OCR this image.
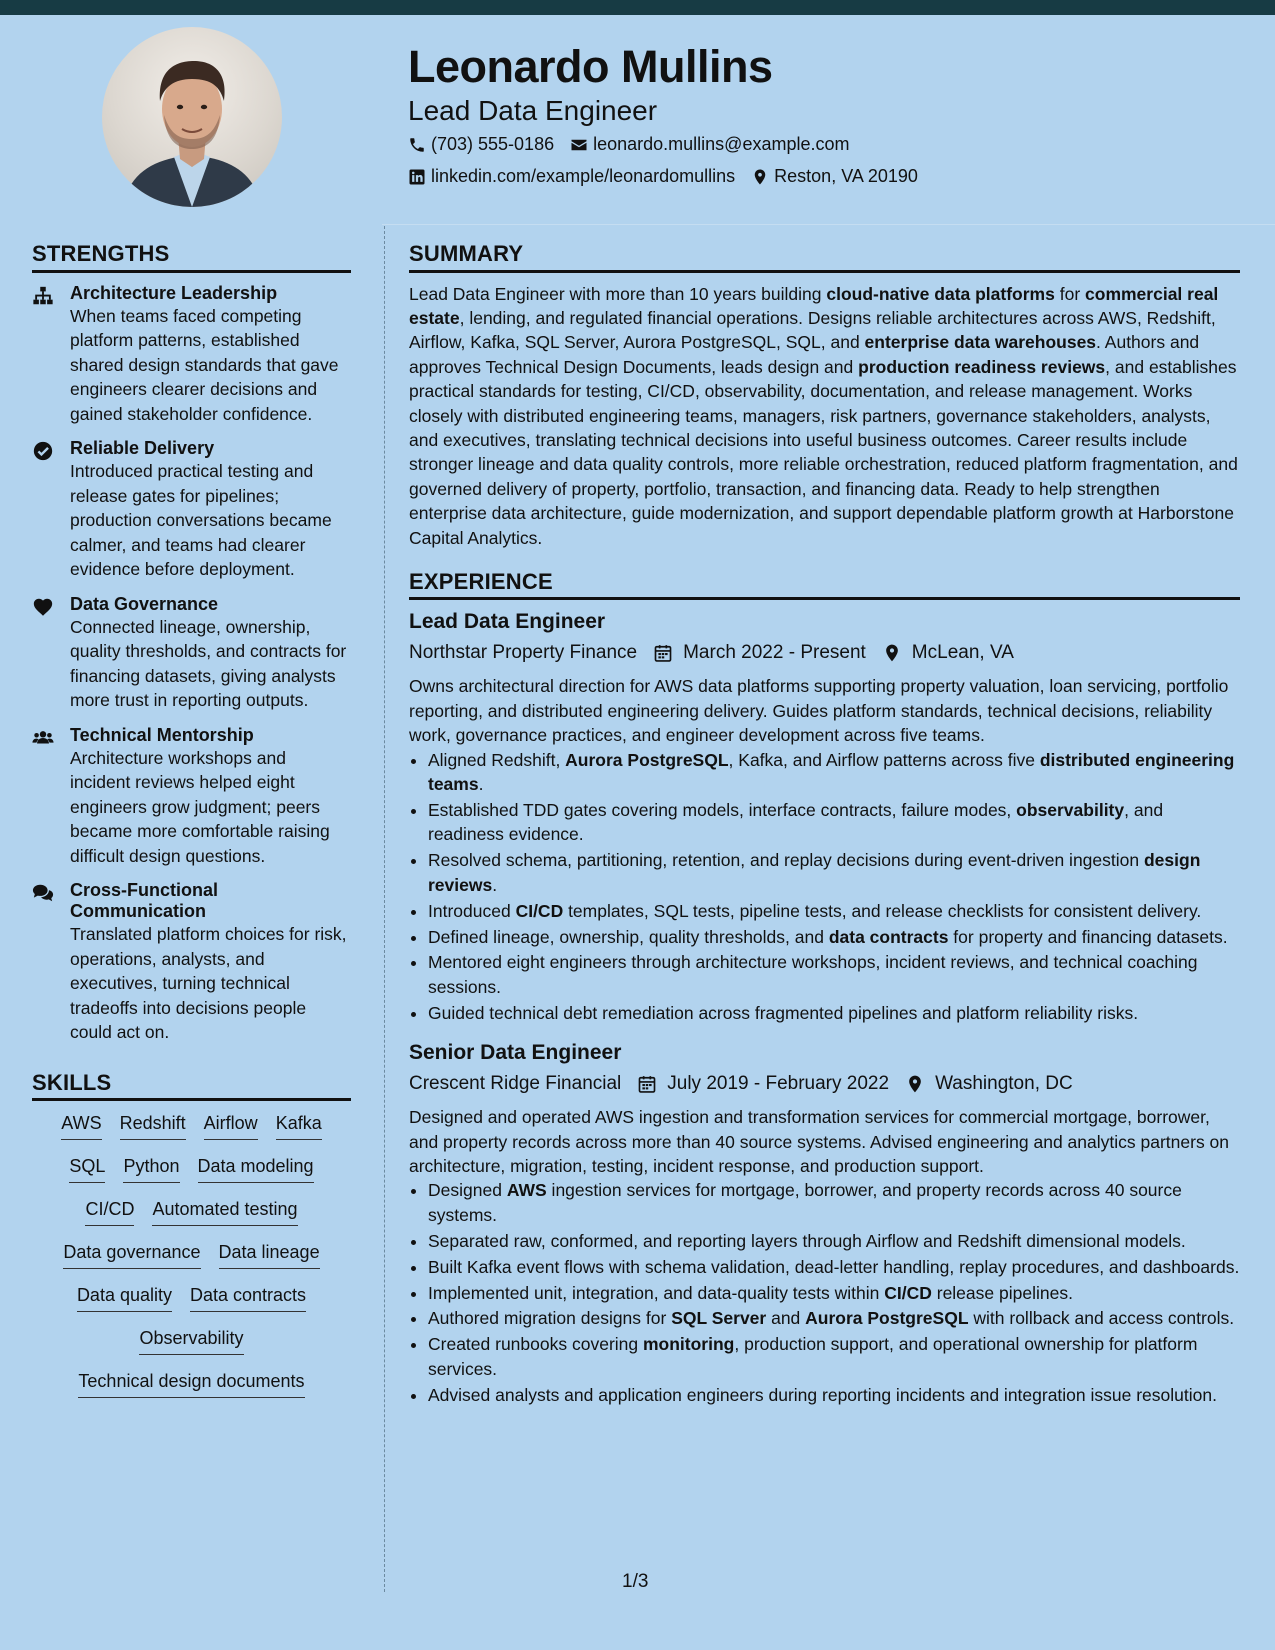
Leonardo Mullins
Lead Data Engineer
(703) 555-0186 leonardo.mullins@example.com
linkedin.com/example/leonardomullins Reston, VA 20190
STRENGTHS
Architecture Leadership
When teams faced competing platform patterns, established shared design standards that gave engineers clearer decisions and gained stakeholder confidence.
Reliable Delivery
Introduced practical testing and release gates for pipelines; production conversations became calmer, and teams had clearer evidence before deployment.
Data Governance
Connected lineage, ownership, quality thresholds, and contracts for financing datasets, giving analysts more trust in reporting outputs.
Technical Mentorship
Architecture workshops and incident reviews helped eight engineers grow judgment; peers became more comfortable raising difficult design questions.
Cross-Functional Communication
Translated platform choices for risk, operations, analysts, and executives, turning technical tradeoffs into decisions people could act on.
SKILLS
AWS Redshift Airflow Kafka
SQL Python Data modeling
CI/CD Automated testing
Data governance Data lineage
Data quality Data contracts
Observability
Technical design documents
SUMMARY

Lead Data Engineer with more than 10 years building cloud-native data platforms for commercial real estate, lending, and regulated financial operations. Designs reliable architectures across AWS, Redshift, Airflow, Kafka, SQL Server, Aurora PostgreSQL, SQL, and enterprise data warehouses. Authors and approves Technical Design Documents, leads design and production readiness reviews, and establishes practical standards for testing, CI/CD, observability, documentation, and release management. Works closely with distributed engineering teams, managers, risk partners, governance stakeholders, analysts, and executives, translating technical decisions into useful business outcomes. Career results include stronger lineage and data quality controls, more reliable orchestration, reduced platform fragmentation, and governed delivery of property, portfolio, transaction, and financing data. Ready to help strengthen enterprise data architecture, guide modernization, and support dependable platform growth at Harborstone Capital Analytics.

EXPERIENCE
Lead Data Engineer
Northstar Property Finance March 2022 - Present McLean, VA
Owns architectural direction for AWS data platforms supporting property valuation, loan servicing, portfolio reporting, and distributed engineering delivery. Guides platform standards, technical decisions, reliability work, governance practices, and engineer development across five teams.
• Aligned Redshift, Aurora PostgreSQL, Kafka, and Airflow patterns across five distributed engineering teams.
• Established TDD gates covering models, interface contracts, failure modes, observability, and readiness evidence.
• Resolved schema, partitioning, retention, and replay decisions during event-driven ingestion design reviews.
• Introduced CI/CD templates, SQL tests, pipeline tests, and release checklists for consistent delivery.
• Defined lineage, ownership, quality thresholds, and data contracts for property and financing datasets.
• Mentored eight engineers through architecture workshops, incident reviews, and technical coaching sessions.
• Guided technical debt remediation across fragmented pipelines and platform reliability risks.
Senior Data Engineer
Crescent Ridge Financial July 2019 - February 2022 Washington, DC
Designed and operated AWS ingestion and transformation services for commercial mortgage, borrower, and property records across more than 40 source systems. Advised engineering and analytics partners on architecture, migration, testing, incident response, and production support.
• Designed AWS ingestion services for mortgage, borrower, and property records across 40 source systems.
• Separated raw, conformed, and reporting layers through Airflow and Redshift dimensional models.
• Built Kafka event flows with schema validation, dead-letter handling, replay procedures, and dashboards.
• Implemented unit, integration, and data-quality tests within CI/CD release pipelines.
• Authored migration designs for SQL Server and Aurora PostgreSQL with rollback and access controls.
• Created runbooks covering monitoring, production support, and operational ownership for platform services.
• Advised analysts and application engineers during reporting incidents and integration issue resolution.
1/3
